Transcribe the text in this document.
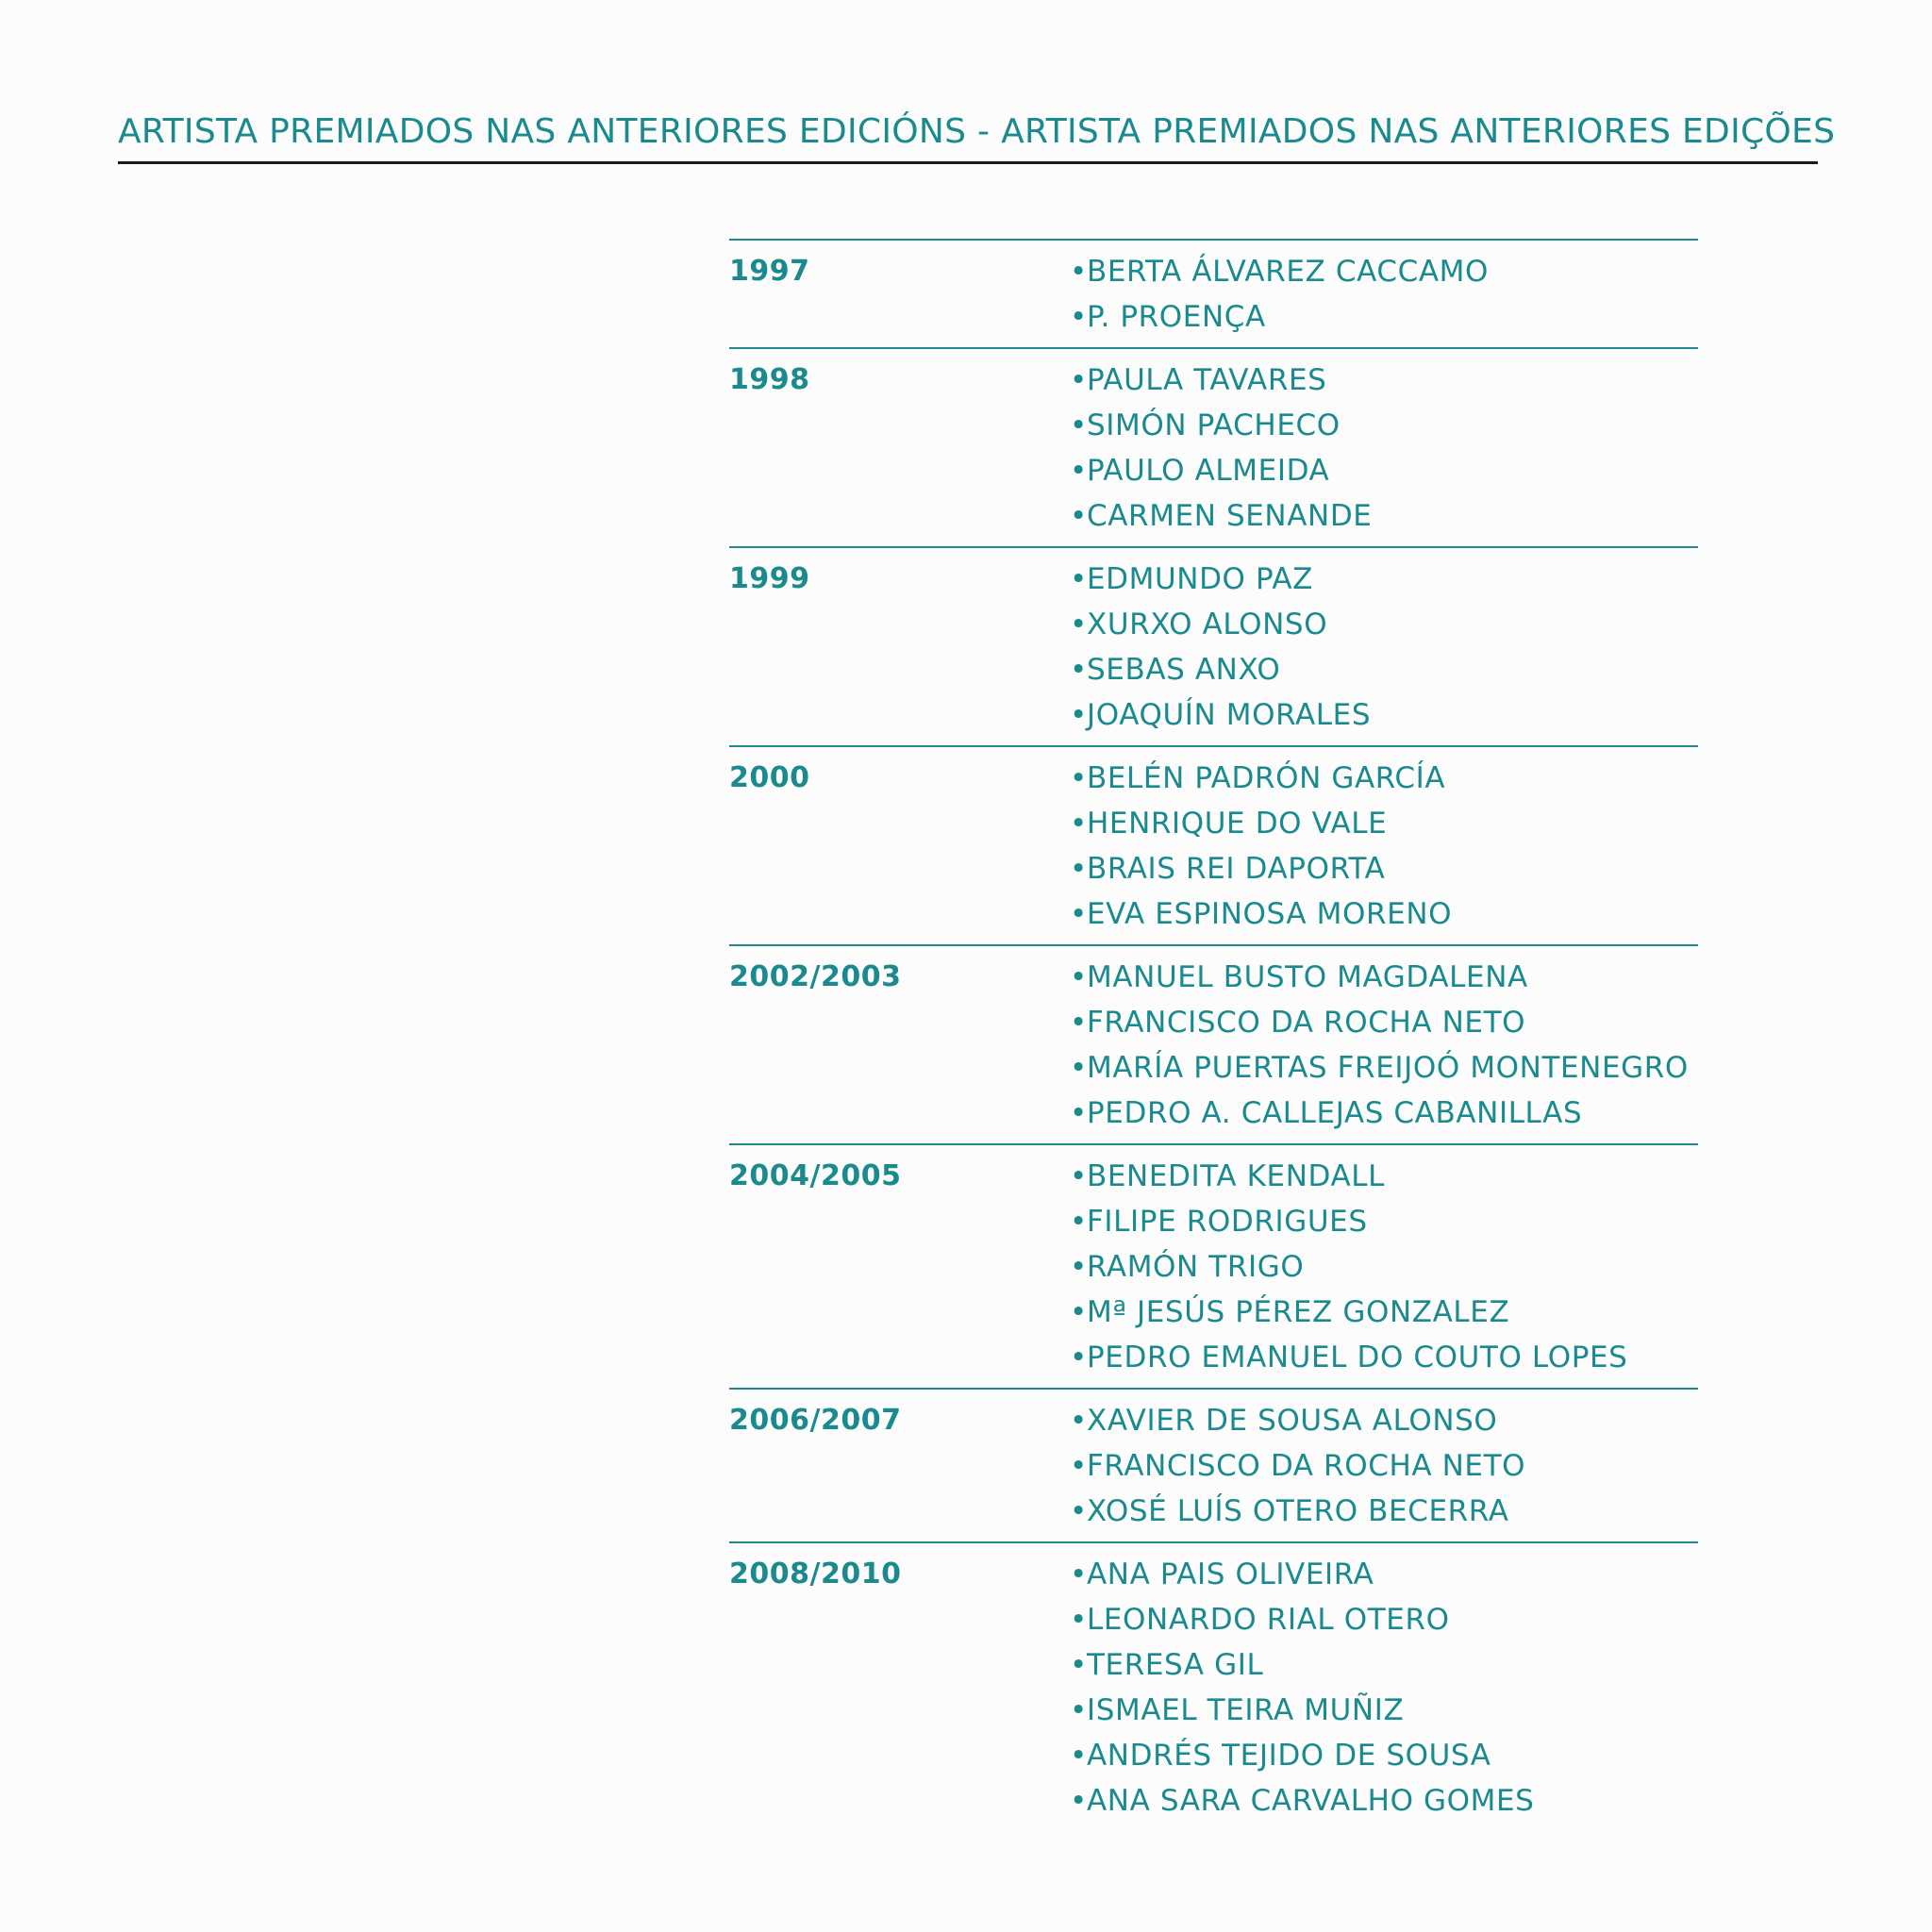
ARTISTA PREMIADOS NAS ANTERIORES EDICIÓNS - ARTISTA PREMIADOS NAS ANTERIORES EDIÇÕES
1997	•BERTA ÁLVAREZ CACCAMO
•P. PROENÇA
1998	•PAULA TAVARES
•SIMÓN PACHECO
•PAULO ALMEIDA
•CARMEN SENANDE
1999	•EDMUNDO PAZ
•XURXO ALONSO
•SEBAS ANXO
•JOAQUÍN MORALES
2000	•BELÉN PADRÓN GARCÍA
•HENRIQUE DO VALE
•BRAIS REI DAPORTA
•EVA ESPINOSA MORENO
2002/2003	•MANUEL BUSTO MAGDALENA
•FRANCISCO DA ROCHA NETO
•MARÍA PUERTAS FREIJOÓ MONTENEGRO
•PEDRO A. CALLEJAS CABANILLAS
2004/2005	•BENEDITA KENDALL
•FILIPE RODRIGUES
•RAMÓN TRIGO
•Mª JESÚS PÉREZ GONZALEZ
•PEDRO EMANUEL DO COUTO LOPES
2006/2007	•XAVIER DE SOUSA ALONSO
•FRANCISCO DA ROCHA NETO
•XOSÉ LUÍS OTERO BECERRA
2008/2010	•ANA PAIS OLIVEIRA
•LEONARDO RIAL OTERO
•TERESA GIL
•ISMAEL TEIRA MUÑIZ
•ANDRÉS TEJIDO DE SOUSA
•ANA SARA CARVALHO GOMES
